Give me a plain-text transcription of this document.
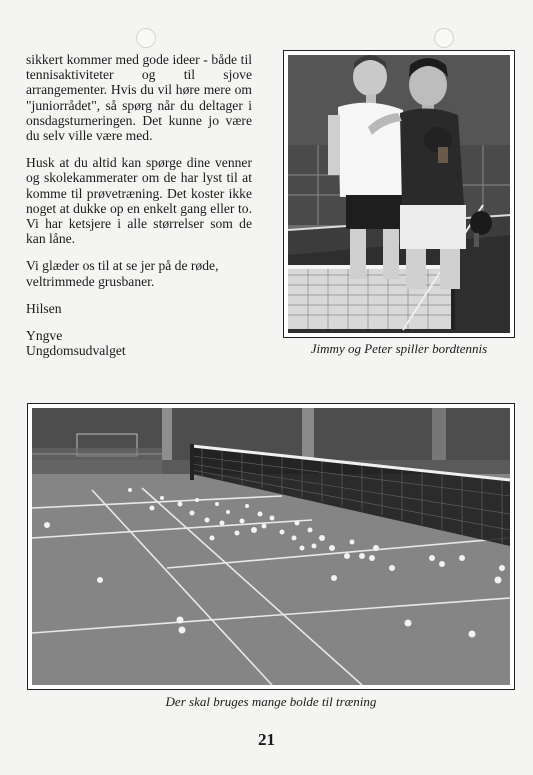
sikkert kommer med gode ideer - både til tennisaktiviteter og til sjove arrangementer. Hvis du vil høre mere om "juniorrådet", så spørg når du deltager i onsdagsturneringen. Det kunne jo være du selv ville være med.

Husk at du altid kan spørge dine venner og skolekammerater om de har lyst til at komme til prøvetræning. Det koster ikke noget at dukke op en enkelt gang eller to. Vi har ketsjere i alle størrelser som de kan låne.

Vi glæder os til at se jer på de røde, veltrimmede grusbaner.

Hilsen

Yngve

Ungdomsudvalget	Jimmy og Peter spiller bordtennis
Der skal bruges mange bolde til træning
21
